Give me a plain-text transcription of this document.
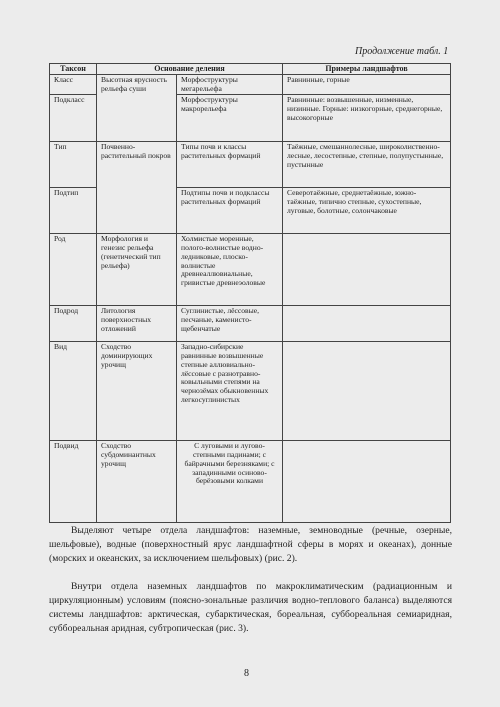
Продолжение табл. 1
Таксон	Основание деления		Примеры ландшафтов
Класс	Высотная ярусность рельефа суши	Морфоструктуры мегарельефа	Равнинные, горные
Подкласс		Морфоструктуры макрорельефа	Равнинные: возвышенные, низменные, низинные. Горные: низкогорные, среднегорные, высокогорные
Тип	Почвенно-растительный покров	Типы почв и классы растительных формаций	Таёжные, смешаннолесные, широколиственно-лесные, лесостепные, степные, полупустынные, пустынные
Подтип		Подтипы почв и подклассы растительных формаций	Северотаёжные, среднетаёжные, южно-таёжные, типично степные, сухостепные, луговые, болотные, солончаковые
Род	Морфология и генезис рельефа (генетический тип рельефа)	Холмистые моренные, полого-волнистые водно-ледниковые, плоско-волнистые древнеаллювиальные, гривистые древнеэоловые	
Подрод	Литология поверхностных отложений	Суглинистые, лёссовые, песчаные, каменисто-щебенчатые	
Вид	Сходство доминирующих урочищ	Западно-сибирские равнинные возвышенные степные аллювиально-лёссовые с разнотравно-ковыльными степями на чернозёмах обыкновенных легкосуглинистых	
Подвид	Сходство субдоминантных урочищ	С луговыми и лугово-степными падинами; с байрачными березняками; с западинными осиново-берёзовыми колками	
Выделяют четыре отдела ландшафтов: наземные, земноводные (речные, озерные, шельфовые), водные (поверхностный ярус ландшафтной сферы в морях и океанах), донные (морских и океанских, за исключением шельфовых) (рис. 2).
Внутри отдела наземных ландшафтов по макроклиматическим (радиационным и циркуляционным) условиям (поясно-зональные различия водно-теплового баланса) выделяются системы ландшафтов: арктическая, субарктическая, бореальная, суббореальная семиаридная, суббореальная аридная, субтропическая (рис. 3).
8
